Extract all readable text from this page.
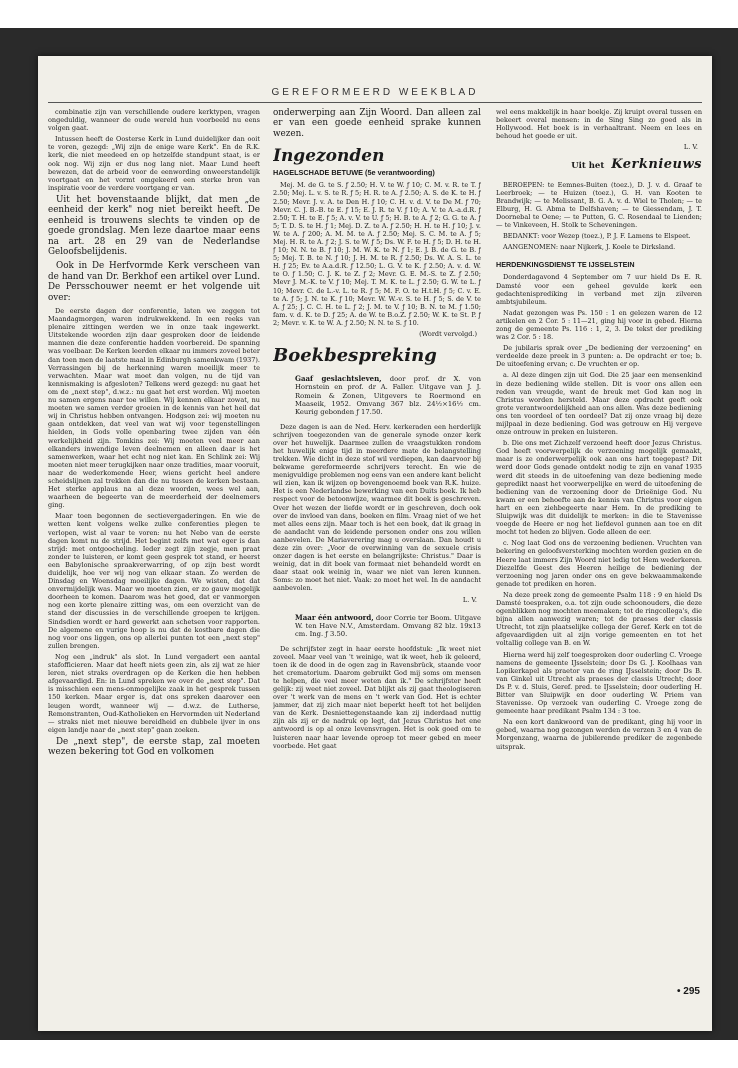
GEREFORMEERD WEEKBLAD

combinatie zijn van verschillende oudere kerktypen, vragen ongeduldig, wanneer de oude wereld hun voorbeeld nu eens volgen gaat.

Intussen heeft de Oosterse Kerk in Lund duidelijker dan ooit te voren, gezegd: „Wij zijn de enige ware Kerk". En de R.K. kerk, die niet meedeed en op hetzelfde standpunt staat, is er ook nog. Wij zijn er dus nog lang niet. Maar Lund heeft bewezen, dat de arbeid voor de eenwording onweerstandelijk voortgaat en het vormt omgekeerd een sterke bron van inspiratie voor de verdere voortgang er van.

Uit het bovenstaande blijkt, dat men „de eenheid der kerk" nog niet bereikt heeft. De eenheid is trouwens slechts te vinden op de goede grondslag. Men leze daartoe maar eens na art. 28 en 29 van de Nederlandse Geloofsbelijdenis.

Ook in De Herfvormde Kerk verscheen van de hand van Dr. Berkhof een artikel over Lund. De Persschouwer neemt er het volgende uit over:

De eerste dagen der conferentie, laten we zeggen tot Maandagmorgen, waren indrukwekkend. In een reeks van plenaire zittingen werden we in onze taak ingewerkt. Uitstekende woorden zijn daar gesproken door de leidende mannen die deze conferentie hadden voorbereid. De spanning was voelbaar. De Kerken leerden elkaar nu immers zoveel beter dan toen men de laatste maal in Edinburgh samenkwam (1937). Verrassingen bij de herkenning waren moeilijk meer te verwachten. Maar wat moet dan volgen, nu de tijd van kennismaking is afgesloten? Telkens werd gezegd: nu gaat het om de „next step", d.w.z.: nu gaat het erst worden. Wij moeten nu samen ergens naar toe willen. Wij kennen elkaar zowat, nu moeten we samen verder groeien in de kennis van het heil dat wij in Christus hebben ontvangen. Hodgson zei: wij moeten nu gaan ontdekken, dat veel van wat wij voor tegenstellingen hielden, in Gods volle openbaring twee zijden van één werkelijkheid zijn. Tomkins zei: Wij moeten veel meer aan elkanders inwendige leven deelnemen en alleen daar is het samenwerken, waar het echt nog niet kan. En Schlink zei: Wij moeten niet meer terugkijken naar onze tradities, maar vooruit, naar de wederkomende Heer, wiens gericht heel andere scheidslijnen zal trekken dan die nu tussen de kerken bestaan. Het sterke applaus na al deze woorden, wees wel aan, waarheen de begeerte van de meerderheid der deelnemers ging.

Maar toen begonnen de sectievergaderingen. En wie de wetten kent volgens welke zulke conferenties plegen te verlopen, wist al vaar te voren: nu het Nebo van de eerste dagen komt nu de strijd. Het begint zelfs met wat eger is dan strijd: met ontgoocheling. Ieder zegt zijn zegje, men praat zonder te luisteren, er komt geen gesprek tot stand, er heerst een Babylonische spraakverwarring, of op zijn best wordt duidelijk, hoe ver wij nog van elkaar staan. Zo werden de Dinsdag en Woensdag moeilijke dagen. We wisten, dat dat onvermijdelijk was. Maar wo moeten zien, er zo gauw mogelijk doorheen te komen. Daarom was het goed, dat er vanmorgen nog een korte plenaire zitting was, om een overzicht van de stand der discussies in de verschillende groepen te krijgen. Sindsdien wordt er hard gewerkt aan schetsen voor rapporten. De algemene en vurige hoop is nu dat de kostbare dagen die nog voor ons liggen, ons op allerlei punten tot een „next step" zullen brengen.

Nog een „indruk" als slot. In Lund vergadert een aantal stafofficieren. Maar dat heeft niets geen zin, als zij wat ze hier leren, niet straks overdragen op de Kerken die hen hebben afgevaardigd. En: in Lund spreken we over de „next step". Dat is misschien een mens-onmogelijke zaak in het gesprek tussen 150 kerken. Maar erger is, dat ons spreken daarover een leugen wordt, wanneer wij — d.w.z. de Lutherse, Remonstranten, Oud-Katholieken en Hervormden uit Nederland — straks niet met nieuwe bereidheid en dubbele ijver in ons eigen landje naar de „next step" gaan zoeken.

De „next step", de eerste stap, zal moeten wezen bekering tot God en volkomen

onderwerping aan Zijn Woord. Dan alleen zal er van een goede eenheid sprake kunnen wezen.

Ingezonden
HAGELSCHADE BETUWE (5e verantwoording)

Mej. M. de G. te S. ƒ 2.50; H. V. te W. ƒ 10; C. M. v. R. te T. ƒ 2.50; Mej. L. v. S. te R. ƒ 5; H. R. te A. ƒ 2.50; A. S. de K. te H. ƒ 2.50; Mevr. J. v. A. te Den H. ƒ 10; C. H. v. d. V. te De M. ƒ 70; Mevr. C. J. B.-B. te E. ƒ 15; E. J. R. te V. ƒ 10; A. V. te A.-a.d.R. ƒ 2.50; T. H. te E. ƒ 5; A. v. V. te U. ƒ 5; H. B. te A. ƒ 2; G. G. te A. ƒ 5; T. D. S. te H. ƒ 1; Mej. D. Z. te A. ƒ 2.50; H. H. te H. ƒ 10; J. v. W. te A. ƒ 200; A. M. M. te A. ƒ 2.50; Mej. S. C. M. te A. ƒ 5; Mej. H. R. te A. ƒ 2; J. S. te W. ƒ 5; Ds. W. F. te H. ƒ 5; D. H. te H. ƒ 10; N. N. te B. ƒ 10; J. M. W. K. te N. ƒ 1; E. J. B. de G. te B. ƒ 5; Mej. T. B. te N. ƒ 10; J. H. M. te R. ƒ 2.50; Ds. W. A. S. L. te H. ƒ 25; Ev. te A.a.d.R. ƒ 12.50; L. G. V. te K. ƒ 2.50; A. v. d. W. te O. ƒ 1.50; C. J. K. te Z. ƒ 2; Mevr. G. E. M.-S. te Z. ƒ 2.50; Mevr J. M.-K. te V. ƒ 10; Mej. T. M. K. te L. ƒ 2.50; G. W. te L. ƒ 10; Mevr. C. de L.-v. L. te R. ƒ 5; M. F. O. te H.t.H. ƒ 5; C. v. E. te A. ƒ 5; J. N. te K. ƒ 10; Mevr. W. W.-v. S. te H. ƒ 5; S. de V. te A. ƒ 25; J. C. C. H. te L. ƒ 2; J. M. te V. ƒ 10; B. N. te M. ƒ 1.50; fam. v. d. K. te D. ƒ 25; A. de W. te B.o.Z. ƒ 2.50; W. K. te St. P. ƒ 2; Mevr. v. K. te W. A. ƒ 2.50; N. N. te S. ƒ 10.

(Wordt vervolgd.)
Boekbespreking
Gaaf geslachtsleven, door prof. dr X. von Hornstein en prof. dr A. Faller. Uitgave van J. J. Romein & Zonen, Uitgevers te Roermond en Maaseik, 1952. Omvang 367 blz. 24½×16½ cm. Keurig gebonden ƒ 17.50.

Deze dagen is aan de Ned. Herv. kerkeraden een herderlijk schrijven toegezonden van de generale synode onzer kerk over het huwelijk. Daarmee zullen de vraagstukken rondom het huwelijk enige tijd in meerdere mate de belangstelling trekken. Wie dicht in deze stof wil verdiepen, kan daarvoor bij bekwame gereformeerde schrijvers terecht. En wie de menigvuldige problemen nog eens van een andere kant belicht wil zien, kan ik wijzen op bovengenoemd boek van R.K. huize. Het is een Nederlandse bewerking van een Duits boek. Ik heb respect voor de betoonwijze, waarmee dit boek is geschreven. Over het wezen der liefde wordt er in geschreven, doch ook over de invloed van dans, boeken en film. Vraag niet of we het met alles eens zijn. Maar toch is het een boek, dat ik graag in de aandacht van de leidende personen onder ons zou willen aanbevelen. De Mariaverering mag u overslaan. Dan houdt u deze zin over: „Voor de overwinning van de sexuele crisis onzer dagen is het eerste en belangrijkste: Christus." Daar is weinig, dat in dit boek van formaat niet behandeld wordt en daar staat ook weinig in, waar we niet van leren kunnen. Soms: zo moet het niet. Vaak: zo moet het wel. In de aandacht aanbevolen.

L. V.
Maar één antwoord, door Corrie ter Boom. Uitgave W. ten Have N.V., Amsterdam. Omvang 82 blz. 19x13 cm. Ing. ƒ 3.50.

De schrijfster zegt in haar eerste hoofdstuk: „Ik weet niet zoveel. Maar veel van 't weinige, wat ik weet, heb ik geleerd, toen ik de dood in de ogen zag in Ravensbrück, staande voor het crematorium. Daarom gebruikt God mij soms om mensen te helpen, die veel meer weten dan ik." De schrijfster heeft gelijk: zij weet niet zoveel. Dat blijkt als zij gaat theologiseren over 't werk van de mens en 't werk van God. Het is echter jammer, dat zij zich maar niet beperkt heeft tot het belijden van de Kerk. Desniettegenstaande kan zij inderdaad nuttig zijn als zij er de nadruk op legt, dat Jezus Christus het ene antwoord is op al onze levensvragen. Het is ook goed om te luisteren naar haar levende oproep tot meer gebed en meer voorbede. Het gaat

wel eens makkelijk in haar boekje. Zij kruipt overal tussen en bekeert overal mensen: in de Sing Sing zo goed als in Hollywood. Het boek is in verhaaltrant. Neem en lees en behoud het goede er uit.

L. V.
Uit het Kerknieuws

BEROEPEN: te Eemnes-Buiten (toez.), D. J. v. d. Graaf te Leerbroek; — te Huizen (toez.), G. H. van Kooten te Brandwijk; — te Melissant, B. G. A. v. d. Wiel te Tholen; — te Elburg, H. G. Abma te Delfshaven; — te Giessendam, J. T. Doornebal te Oene; — te Putten, G. C. Rosendaal te Lienden; — te Vinkeveen, H. Stolk te Scheveningen.

BEDANKT: voor Wezep (toez.), P. J. F. Lamens te Elspeet.

AANGENOMEN: naar Nijkerk, J. Koele te Dirksland.

HERDENKINGSDIENST TE IJSSELSTEIN

Donderdagavond 4 September om 7 uur hield Ds E. R. Damsté voor een geheel gevulde kerk een gedachtenisprediking in verband met zijn zilveren ambtsjubileum.

Nadat gezongen was Ps. 150 : 1 en gelezen waren de 12 artikelen en 2 Cor. 5 : 11—21, ging hij voor in gebed. Hierna zong de gemeente Ps. 116 : 1, 2, 3. De tekst der prediking was 2 Cor. 5 : 18.

De jubilaris sprak over „De bediening der verzoening" en verdeelde deze preek in 3 punten: a. De opdracht er toe; b. De uitoefening ervan; c. De vruchten er op.

a. Al deze dingen zijn uit God. Die 25 jaar een mensenkind in deze bediening wilde stellen. Dit is voor ons allen een reden van vreugde, want de breuk met God kan nog in Christus worden hersteld. Maar deze opdracht geeft ook grote verantwoordelijkheid aan ons allen. Was deze bediening ons ten voordeel of ten oordeel? Dat zij onze vraag bij deze mijlpaal in deze bediening. God was getrouw en Hij vergeve onze ontrouw in preken en luisteren.

b. Die ons met Zichzelf verzoend heeft door Jezus Christus. God heeft voorwerpelijk de verzoening mogelijk gemaakt, maar is ze onderwerpelijk ook aan ons hart toegepast? Dit werd door Gods genade ontdekt nodig te zijn en vanaf 1935 werd dit steeds in de uitoefening van deze bediening mede gepredikt naast het voorwerpelijke en werd de uitoefening de bediening van de verzoening door de Drieënige God. Nu kwam er een behoefte aan de kennis van Christus voor eigen hart en een ziehbegeerte naar Hem. In de prediking te Sluipwijk was dit duidelijk te merken: in die te Stavenisse voegde de Heere er nog het liefdevol gunnen aan toe en dit mocht tot heden zo blijven. Gode alleen de eer.

c. Nog laat God ons de verzoening bedienen. Vruchten van bekering en geloofsversterking mochten worden gezien en de Heere laat immers Zijn Woord niet ledig tot Hem wederkeren. Diezelfde Geest des Heeren heilige de bediening der verzoening nog jaren onder ons en geve bekwaammakende genade tot prediken en horen.

Na deze preek zong de gemeente Psalm 118 : 9 en hield Ds Damsté toespraken, o.a. tot zijn oude schoonouders, die deze ogenblikken nog mochten meemaken; tot de ringcollega's, die bijna allen aanwezig waren; tot de praeses der classis Utrecht, tot zijn plaatselijke collega der Geref. Kerk en tot de afgevaardigden uit al zijn vorige gemeenten en tot het voltallig college van B. en W.

Hierna werd hij zelf toegesproken door ouderling C. Vroege namens de gemeente IJsselstein; door Ds G. J. Koolhaas van Lopikerkapel als praetor van de ring IJsselstein; door Ds B. van Ginkel uit Utrecht als praeses der classis Utrecht; door Ds P. v. d. Sluis, Geref. pred. te IJsselstein; door ouderling H. Bitter van Sluipwijk en door ouderling W. Priem van Stavenisse. Op verzoek van ouderling C. Vroege zong de gemeente haar predikant Psalm 134 : 3 toe.

Na een kort dankwoord van de predikant, ging hij voor in gebed, waarna nog gezongen werden de verzen 3 en 4 van de Morgenzang, waarna de jubilerende prediker de zegenbede uitsprak.

• 295
